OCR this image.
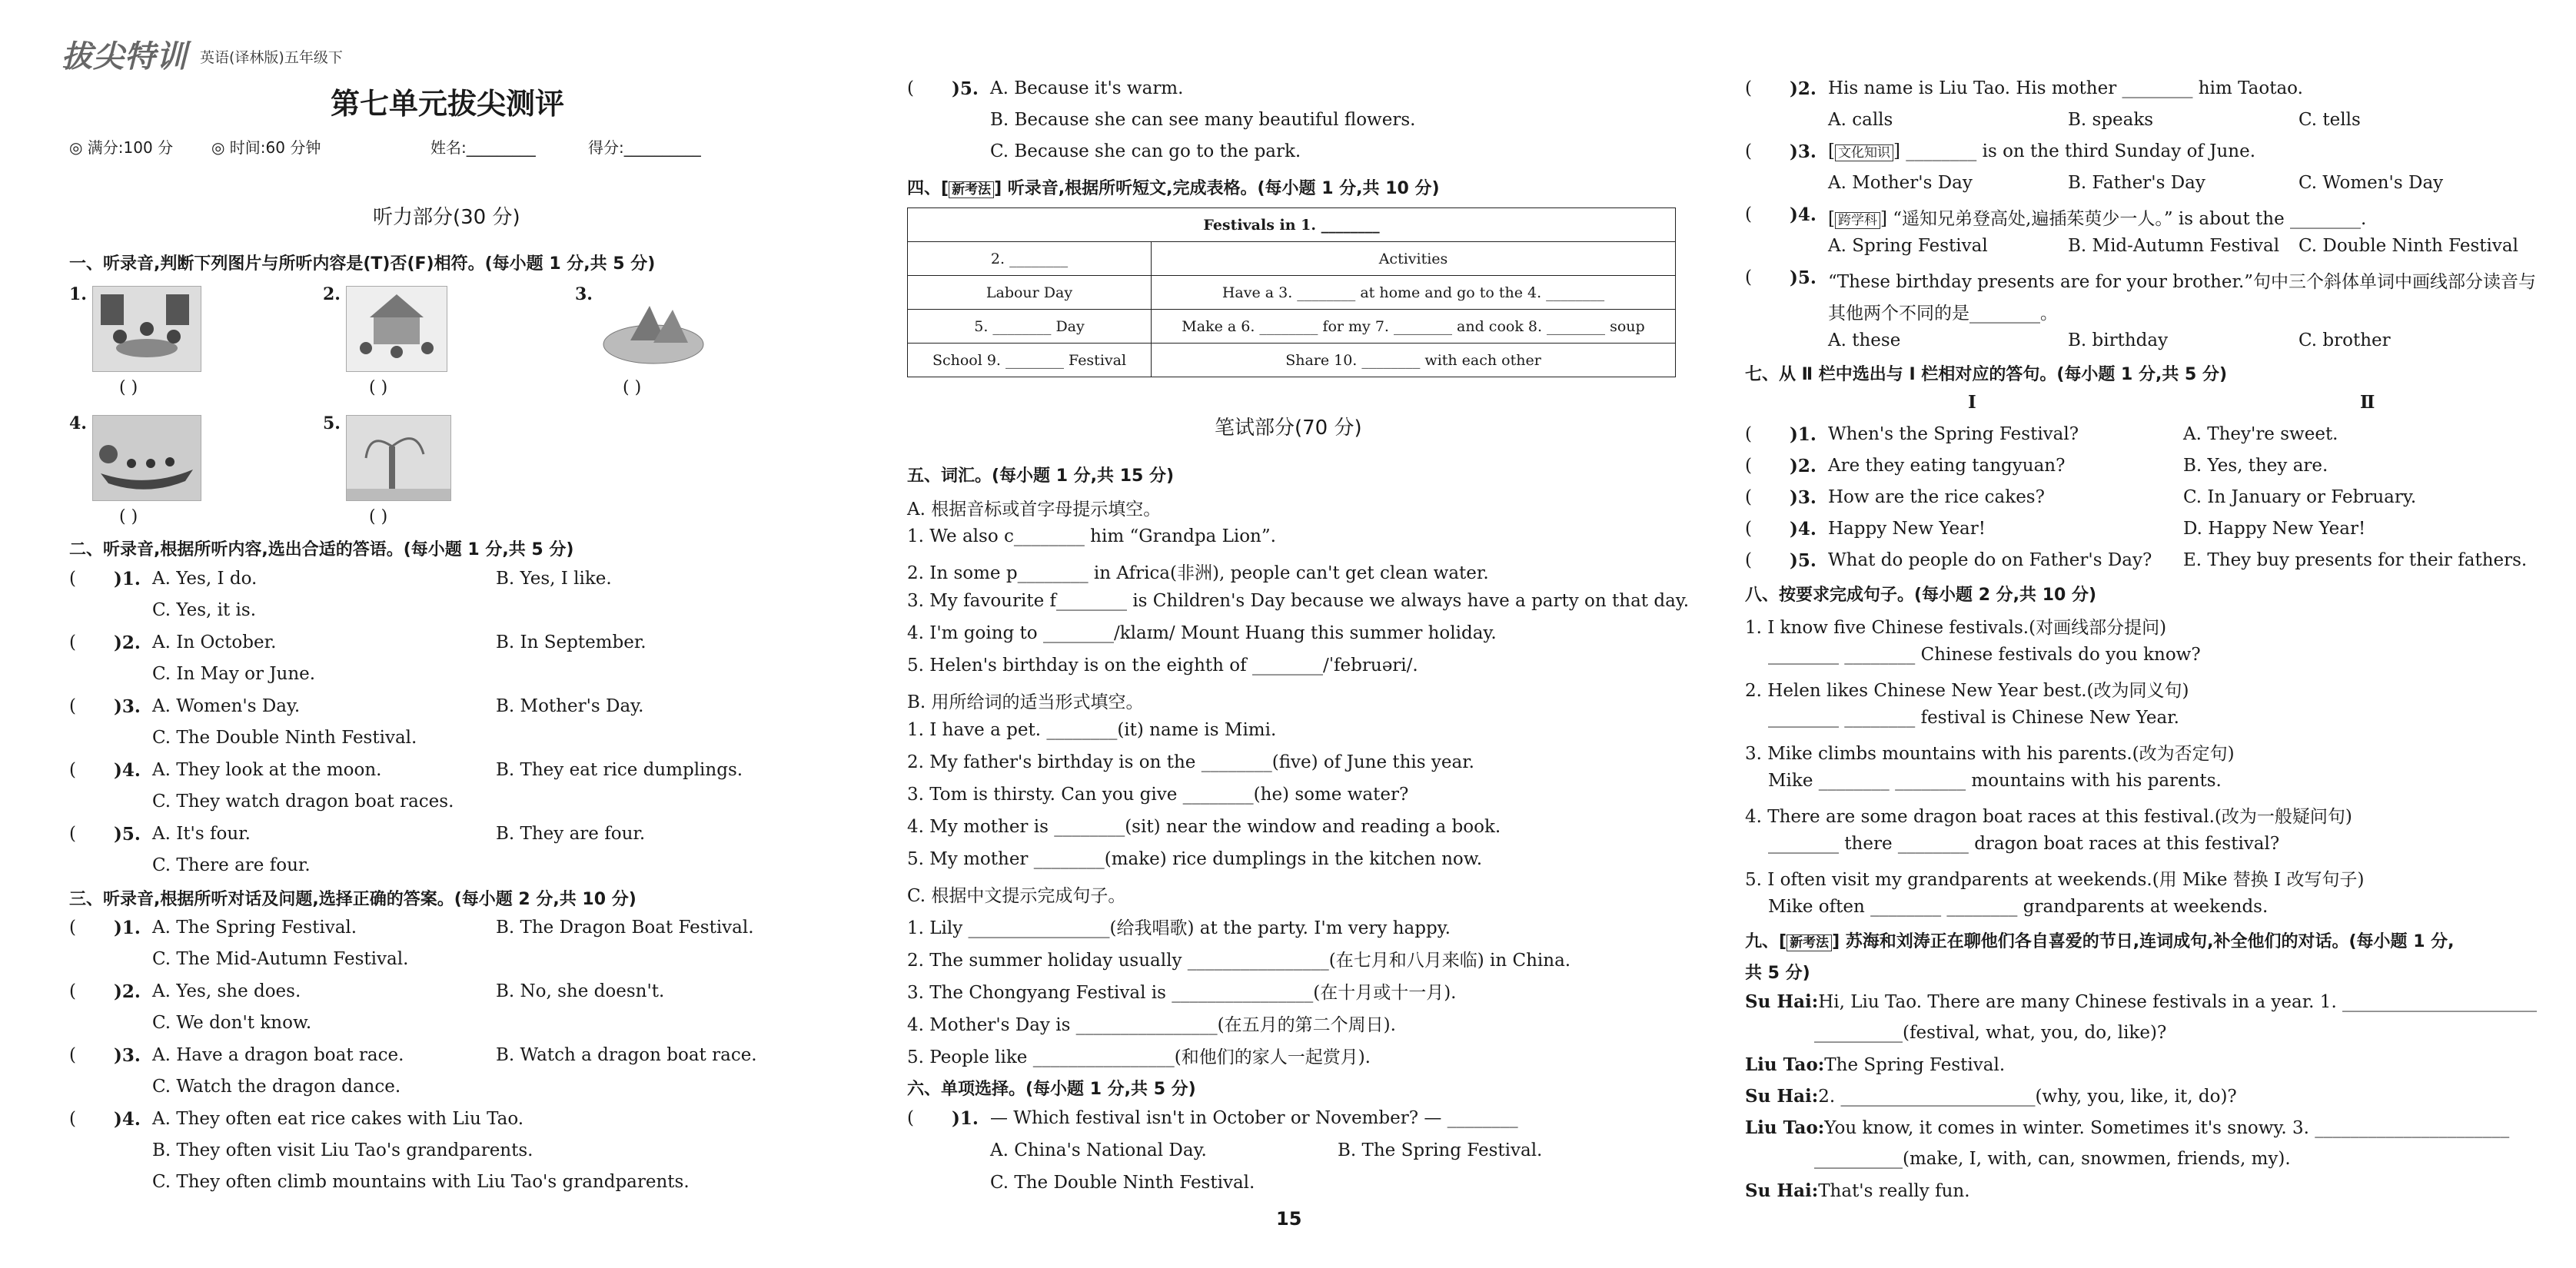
拔尖特训 英语(译林版)五年级下
第七单元拔尖测评
◎ 满分:100 分 ◎ 时间:60 分钟	姓名:_________	得分:__________
听力部分(30 分)
一、听录音,判断下列图片与所听内容是(T)否(F)相符。(每小题 1 分,共 5 分)
1.
( )
2.
( )
3.
( )
4.
( )
5.
( )
二、听录音,根据所听内容,选出合适的答语。(每小题 1 分,共 5 分)
( )1. A. Yes, I do.	B. Yes, I like.
C. Yes, it is.
( )2. A. In October.	B. In September.
C. In May or June.
( )3. A. Women's Day.	B. Mother's Day.
C. The Double Ninth Festival.
( )4. A. They look at the moon.	B. They eat rice dumplings.
C. They watch dragon boat races.
( )5. A. It's four.	B. They are four.
C. There are four.
三、听录音,根据所听对话及问题,选择正确的答案。(每小题 2 分,共 10 分)
( )1. A. The Spring Festival.	B. The Dragon Boat Festival.
C. The Mid-Autumn Festival.
( )2. A. Yes, she does.	B. No, she doesn't.
C. We don't know.
( )3. A. Have a dragon boat race.	B. Watch a dragon boat race.
C. Watch the dragon dance.
( )4. A. They often eat rice cakes with Liu Tao.
B. They often visit Liu Tao's grandparents.
C. They often climb mountains with Liu Tao's grandparents.
( )5. A. Because it's warm.
B. Because she can see many beautiful flowers.
C. Because she can go to the park.
四、[ 新考法 ] 听录音,根据所听短文,完成表格。(每小题 1 分,共 10 分)
Festivals in 1. ________	
2. ________	Activities
Labour Day	Have a 3. ________ at home and go to the 4. ________
5. ________ Day	Make a 6. ________ for my 7. ________ and cook 8. ________ soup
School 9. ________ Festival	Share 10. ________ with each other
笔试部分(70 分)
五、词汇。(每小题 1 分,共 15 分)
A. 根据音标或首字母提示填空。
1. We also c________ him “Grandpa Lion”.
2. In some p________ in Africa(非洲), people can't get clean water.
3. My favourite f________ is Children's Day because we always have a party on that day.
4. I'm going to ________/klaɪm/ Mount Huang this summer holiday.
5. Helen's birthday is on the eighth of ________/ˈfebruəri/.
B. 用所给词的适当形式填空。
1. I have a pet. ________(it) name is Mimi.
2. My father's birthday is on the ________(five) of June this year.
3. Tom is thirsty. Can you give ________(he) some water?
4. My mother is ________(sit) near the window and reading a book.
5. My mother ________(make) rice dumplings in the kitchen now.
C. 根据中文提示完成句子。
1. Lily ________________(给我唱歌) at the party. I'm very happy.
2. The summer holiday usually ________________(在七月和八月来临) in China.
3. The Chongyang Festival is ________________(在十月或十一月).
4. Mother's Day is ________________(在五月的第二个周日).
5. People like ________________(和他们的家人一起赏月).
六、单项选择。(每小题 1 分,共 5 分)
( )1. — Which festival isn't in October or November? — ________
A. China's National Day.	B. The Spring Festival.
C. The Double Ninth Festival.
15
( )2. His name is Liu Tao. His mother ________ him Taotao.
A. calls	B. speaks	C. tells
( )3. [ 文化知识 ] ________ is on the third Sunday of June.
A. Mother's Day	B. Father's Day	C. Women's Day
( )4. [ 跨学科 ] “遥知兄弟登高处,遍插茱萸少一人。” is about the ________.
A. Spring Festival	B. Mid-Autumn Festival C. Double Ninth Festival
( )5. “These birthday presents are for your brother.”句中三个斜体单词中画线部分读音与
其他两个不同的是________。
A. these	B. birthday	C. brother
七、从 Ⅱ 栏中选出与 Ⅰ 栏相对应的答句。(每小题 1 分,共 5 分)
Ⅰ	Ⅱ
( )1. When's the Spring Festival?	A. They're sweet.
( )2. Are they eating tangyuan?	B. Yes, they are.
( )3. How are the rice cakes?	C. In January or February.
( )4. Happy New Year!	D. Happy New Year!
( )5. What do people do on Father's Day? E. They buy presents for their fathers.
八、按要求完成句子。(每小题 2 分,共 10 分)
1. I know five Chinese festivals.(对画线部分提问)
________ ________ Chinese festivals do you know?
2. Helen likes Chinese New Year best.(改为同义句)
________ ________ festival is Chinese New Year.
3. Mike climbs mountains with his parents.(改为否定句)
Mike ________ ________ mountains with his parents.
4. There are some dragon boat races at this festival.(改为一般疑问句)
________ there ________ dragon boat races at this festival?
5. I often visit my grandparents at weekends.(用 Mike 替换 I 改写句子)
Mike often ________ ________ grandparents at weekends.
九、[ 新考法 ] 苏海和刘涛正在聊他们各自喜爱的节日,连词成句,补全他们的对话。(每小题 1 分,
共 5 分)
Su Hai:Hi, Liu Tao. There are many Chinese festivals in a year. 1. ______________________
__________(festival, what, you, do, like)?
Liu Tao:The Spring Festival.
Su Hai:2. ______________________(why, you, like, it, do)?
Liu Tao:You know, it comes in winter. Sometimes it's snowy. 3. ______________________
__________(make, I, with, can, snowmen, friends, my).
Su Hai:That's really fun.
